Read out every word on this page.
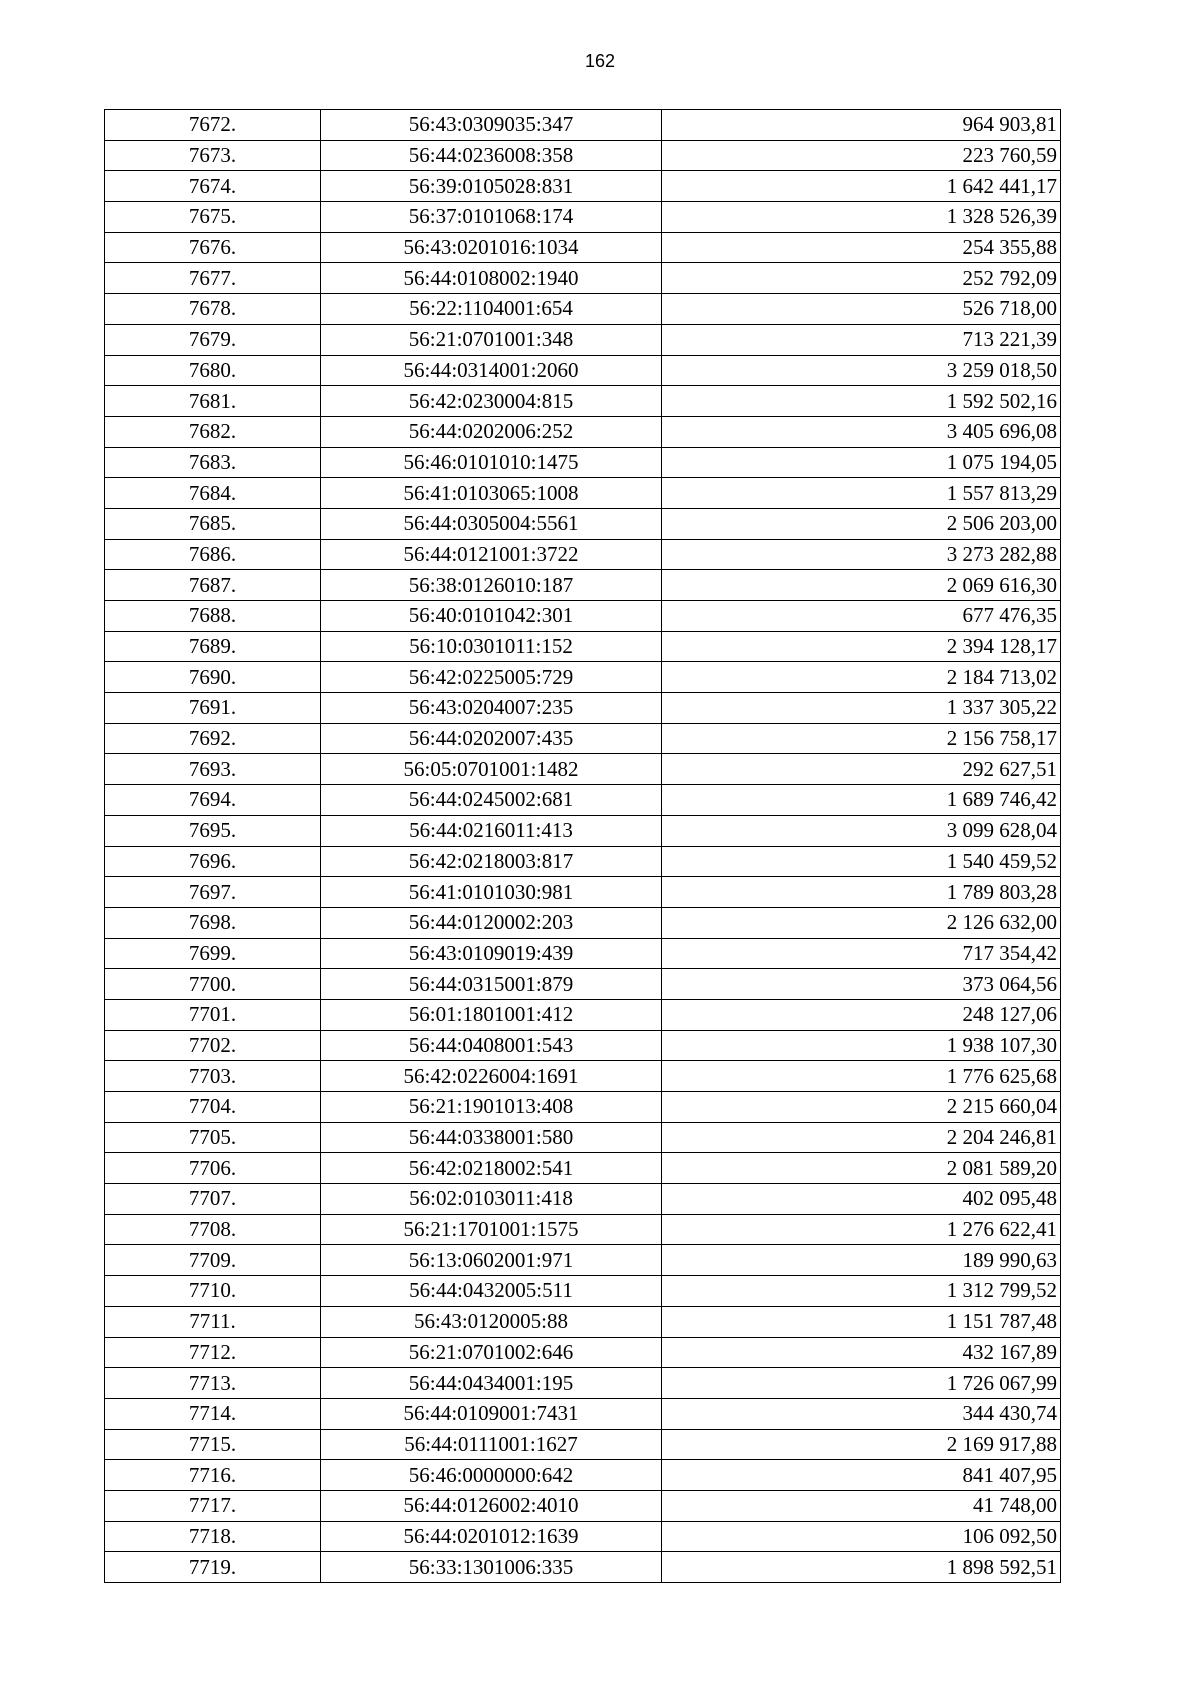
162
7672.	56:43:0309035:347	964 903,81
7673.	56:44:0236008:358	223 760,59
7674.	56:39:0105028:831	1 642 441,17
7675.	56:37:0101068:174	1 328 526,39
7676.	56:43:0201016:1034	254 355,88
7677.	56:44:0108002:1940	252 792,09
7678.	56:22:1104001:654	526 718,00
7679.	56:21:0701001:348	713 221,39
7680.	56:44:0314001:2060	3 259 018,50
7681.	56:42:0230004:815	1 592 502,16
7682.	56:44:0202006:252	3 405 696,08
7683.	56:46:0101010:1475	1 075 194,05
7684.	56:41:0103065:1008	1 557 813,29
7685.	56:44:0305004:5561	2 506 203,00
7686.	56:44:0121001:3722	3 273 282,88
7687.	56:38:0126010:187	2 069 616,30
7688.	56:40:0101042:301	677 476,35
7689.	56:10:0301011:152	2 394 128,17
7690.	56:42:0225005:729	2 184 713,02
7691.	56:43:0204007:235	1 337 305,22
7692.	56:44:0202007:435	2 156 758,17
7693.	56:05:0701001:1482	292 627,51
7694.	56:44:0245002:681	1 689 746,42
7695.	56:44:0216011:413	3 099 628,04
7696.	56:42:0218003:817	1 540 459,52
7697.	56:41:0101030:981	1 789 803,28
7698.	56:44:0120002:203	2 126 632,00
7699.	56:43:0109019:439	717 354,42
7700.	56:44:0315001:879	373 064,56
7701.	56:01:1801001:412	248 127,06
7702.	56:44:0408001:543	1 938 107,30
7703.	56:42:0226004:1691	1 776 625,68
7704.	56:21:1901013:408	2 215 660,04
7705.	56:44:0338001:580	2 204 246,81
7706.	56:42:0218002:541	2 081 589,20
7707.	56:02:0103011:418	402 095,48
7708.	56:21:1701001:1575	1 276 622,41
7709.	56:13:0602001:971	189 990,63
7710.	56:44:0432005:511	1 312 799,52
7711.	56:43:0120005:88	1 151 787,48
7712.	56:21:0701002:646	432 167,89
7713.	56:44:0434001:195	1 726 067,99
7714.	56:44:0109001:7431	344 430,74
7715.	56:44:0111001:1627	2 169 917,88
7716.	56:46:0000000:642	841 407,95
7717.	56:44:0126002:4010	41 748,00
7718.	56:44:0201012:1639	106 092,50
7719.	56:33:1301006:335	1 898 592,51
